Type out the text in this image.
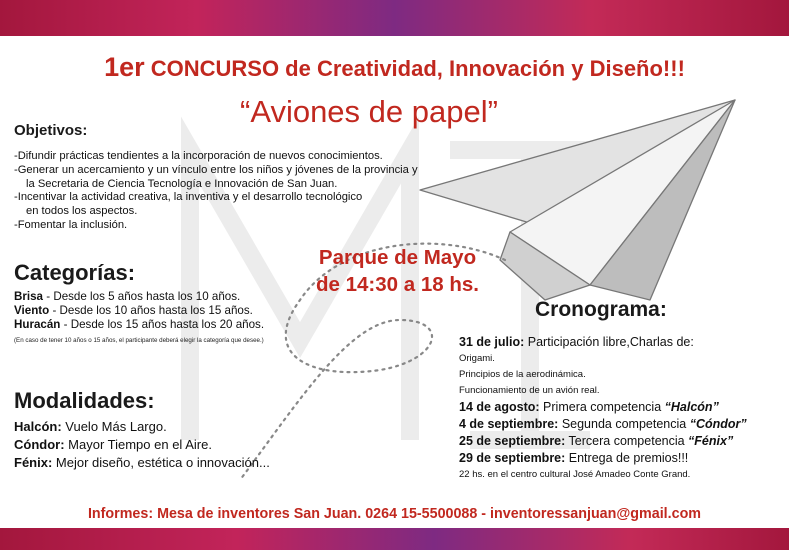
1er CONCURSO de Creatividad, Innovación y Diseño!!!
“Aviones de papel”
Objetivos:
-Difundir prácticas tendientes a la incorporación de nuevos conocimientos.
-Generar un acercamiento y un vínculo entre los niños y jóvenes de la provincia y
la Secretaria de Ciencia Tecnología e Innovación de San Juan.
-Incentivar la actividad creativa, la inventiva y el desarrollo tecnológico
en todos los aspectos.
-Fomentar la inclusión.
Categorías:
Brisa - Desde los 5 años hasta los 10 años.
Viento - Desde los 10 años hasta los 15 años.
Huracán - Desde los 15 años hasta los 20 años.
(En caso de tener 10 años o 15 años, el participante deberá elegir la categoría que desee.)
Modalidades:
Halcón: Vuelo Más Largo.
Cóndor: Mayor Tiempo en el Aire.
Fénix: Mejor diseño, estética o innovación...
Parque de Mayo
de 14:30 a 18 hs.
Cronograma:
31 de julio: Participación libre,Charlas de:
Origami.
Principios de la aerodinámica.
Funcionamiento de un avión real.
14 de agosto: Primera competencia “Halcón”
4 de septiembre: Segunda competencia “Cóndor”
25 de septiembre: Tercera competencia “Fénix”
29 de septiembre: Entrega de premios!!!
22 hs. en el centro cultural José Amadeo Conte Grand.
Informes: Mesa de inventores San Juan. 0264 15-5500088 - inventoressanjuan@gmail.com
